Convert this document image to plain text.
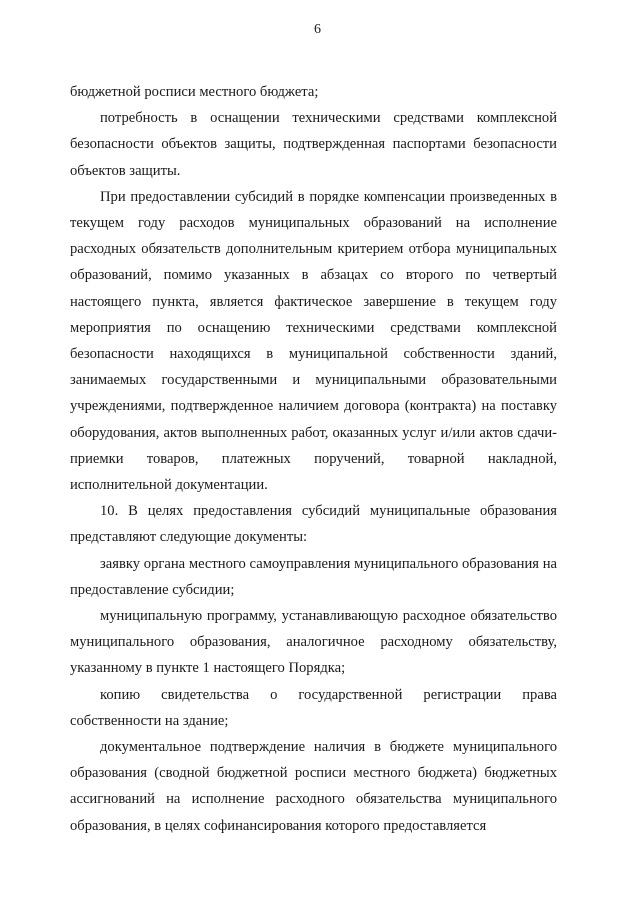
6

бюджетной росписи местного бюджета;

потребность в оснащении техническими средствами комплексной безопасности объектов защиты, подтвержденная паспортами безопасности объектов защиты.

При предоставлении субсидий в порядке компенсации произведенных в текущем году расходов муниципальных образований на исполнение расходных обязательств дополнительным критерием отбора муниципальных образований, помимо указанных в абзацах со второго по четвертый настоящего пункта, является фактическое завершение в текущем году мероприятия по оснащению техническими средствами комплексной безопасности находящихся в муниципальной собственности зданий, занимаемых государственными и муниципальными образовательными учреждениями, подтвержденное наличием договора (контракта) на поставку оборудования, актов выполненных работ, оказанных услуг и/или актов сдачи-приемки товаров, платежных поручений, товарной накладной, исполнительной документации.

10. В целях предоставления субсидий муниципальные образования представляют следующие документы:

заявку органа местного самоуправления муниципального образования на предоставление субсидии;

муниципальную программу, устанавливающую расходное обязательство муниципального образования, аналогичное расходному обязательству, указанному в пункте 1 настоящего Порядка;

копию свидетельства о государственной регистрации права собственности на здание;

документальное подтверждение наличия в бюджете муниципального образования (сводной бюджетной росписи местного бюджета) бюджетных ассигнований на исполнение расходного обязательства муниципального образования, в целях софинансирования которого предоставляется
